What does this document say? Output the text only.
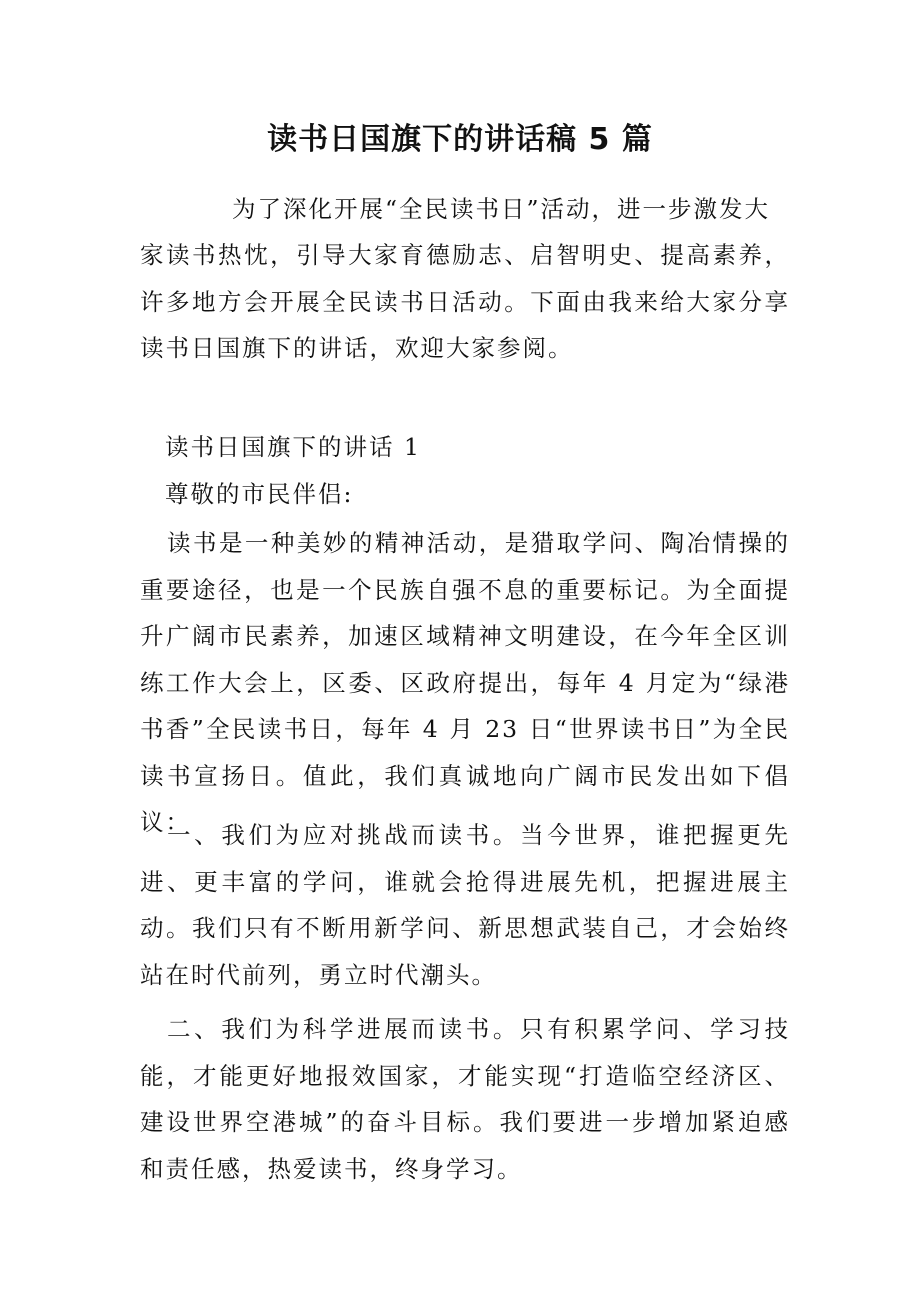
读书日国旗下的讲话稿 5 篇

为了深化开展“全民读书日”活动，进一步激发大

家读书热忱，引导大家育德励志、启智明史、提高素养，许多地方会开展全民读书日活动。下面由我来给大家分享读书日国旗下的讲话，欢迎大家参阅。

读书日国旗下的讲话 1

尊敬的市民伴侣:

读书是一种美妙的精神活动，是猎取学问、陶冶情操的重要途径，也是一个民族自强不息的重要标记。为全面提升广阔市民素养，加速区域精神文明建设，在今年全区训练工作大会上，区委、区政府提出，每年 4 月定为“绿港书香”全民读书日，每年 4 月 23 日“世界读书日”为全民读书宣扬日。值此，我们真诚地向广阔市民发出如下倡议：

一、我们为应对挑战而读书。当今世界，谁把握更先进、更丰富的学问，谁就会抢得进展先机，把握进展主动。我们只有不断用新学问、新思想武装自己，才会始终站在时代前列，勇立时代潮头。

二、我们为科学进展而读书。只有积累学问、学习技能，才能更好地报效国家，才能实现“打造临空经济区、建设世界空港城”的奋斗目标。我们要进一步增加紧迫感和责任感，热爱读书，终身学习。
